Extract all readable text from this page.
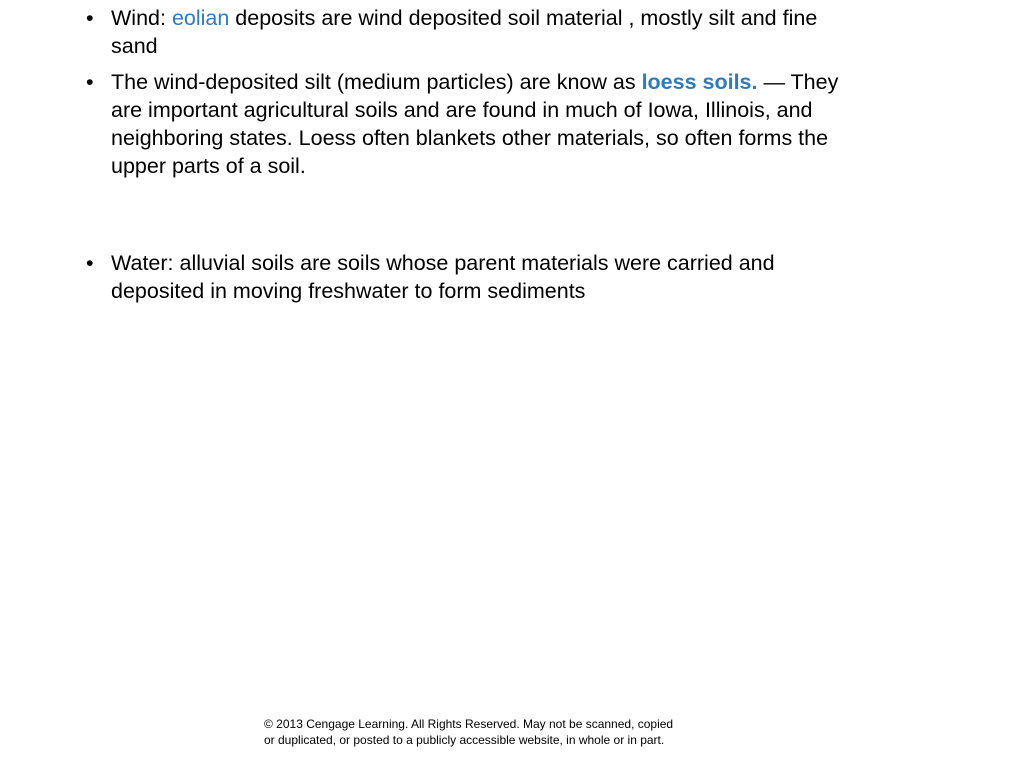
• Wind: eolian deposits are wind deposited soil material , mostly silt and fine sand
• The wind-deposited silt (medium particles) are know as loess soils. — They are important agricultural soils and are found in much of Iowa, Illinois, and neighboring states. Loess often blankets other materials, so often forms the upper parts of a soil.
• Water: alluvial soils are soils whose parent materials were carried and deposited in moving freshwater to form sediments
© 2013 Cengage Learning. All Rights Reserved. May not be scanned, copied
or duplicated, or posted to a publicly accessible website, in whole or in part.
